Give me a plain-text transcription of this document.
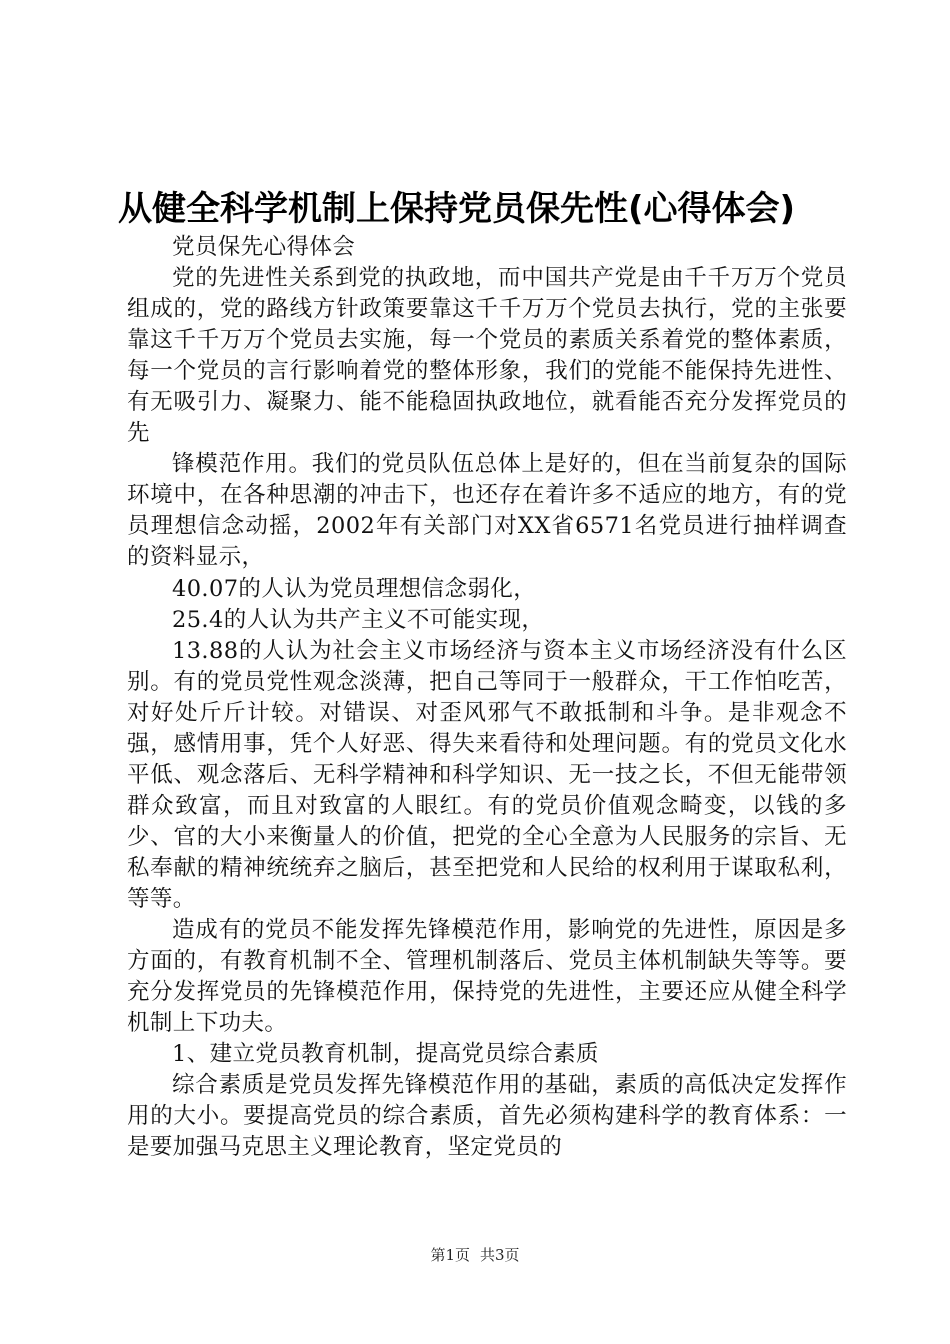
从健全科学机制上保持党员保先性(心得体会)

党员保先心得体会

党的先进性关系到党的执政地，而中国共产党是由千千万万个党员组成的，党的路线方针政策要靠这千千万万个党员去执行，党的主张要靠这千千万万个党员去实施，每一个党员的素质关系着党的整体素质，每一个党员的言行影响着党的整体形象，我们的党能不能保持先进性、有无吸引力、凝聚力、能不能稳固执政地位，就看能否充分发挥党员的先

锋模范作用。我们的党员队伍总体上是好的，但在当前复杂的国际环境中，在各种思潮的冲击下，也还存在着许多不适应的地方，有的党员理想信念动摇，2002年有关部门对XX省6571名党员进行抽样调查的资料显示，

40.07的人认为党员理想信念弱化，

25.4的人认为共产主义不可能实现，

13.88的人认为社会主义市场经济与资本主义市场经济没有什么区别。有的党员党性观念淡薄，把自己等同于一般群众，干工作怕吃苦，对好处斤斤计较。对错误、对歪风邪气不敢抵制和斗争。是非观念不强，感情用事，凭个人好恶、得失来看待和处理问题。有的党员文化水平低、观念落后、无科学精神和科学知识、无一技之长，不但无能带领群众致富，而且对致富的人眼红。有的党员价值观念畸变，以钱的多少、官的大小来衡量人的价值，把党的全心全意为人民服务的宗旨、无私奉献的精神统统弃之脑后，甚至把党和人民给的权利用于谋取私利，等等。

造成有的党员不能发挥先锋模范作用，影响党的先进性，原因是多方面的，有教育机制不全、管理机制落后、党员主体机制缺失等等。要充分发挥党员的先锋模范作用，保持党的先进性，主要还应从健全科学机制上下功夫。

1、建立党员教育机制，提高党员综合素质

综合素质是党员发挥先锋模范作用的基础，素质的高低决定发挥作用的大小。要提高党员的综合素质，首先必须构建科学的教育体系：一是要加强马克思主义理论教育，坚定党员的

第1页 共3页
